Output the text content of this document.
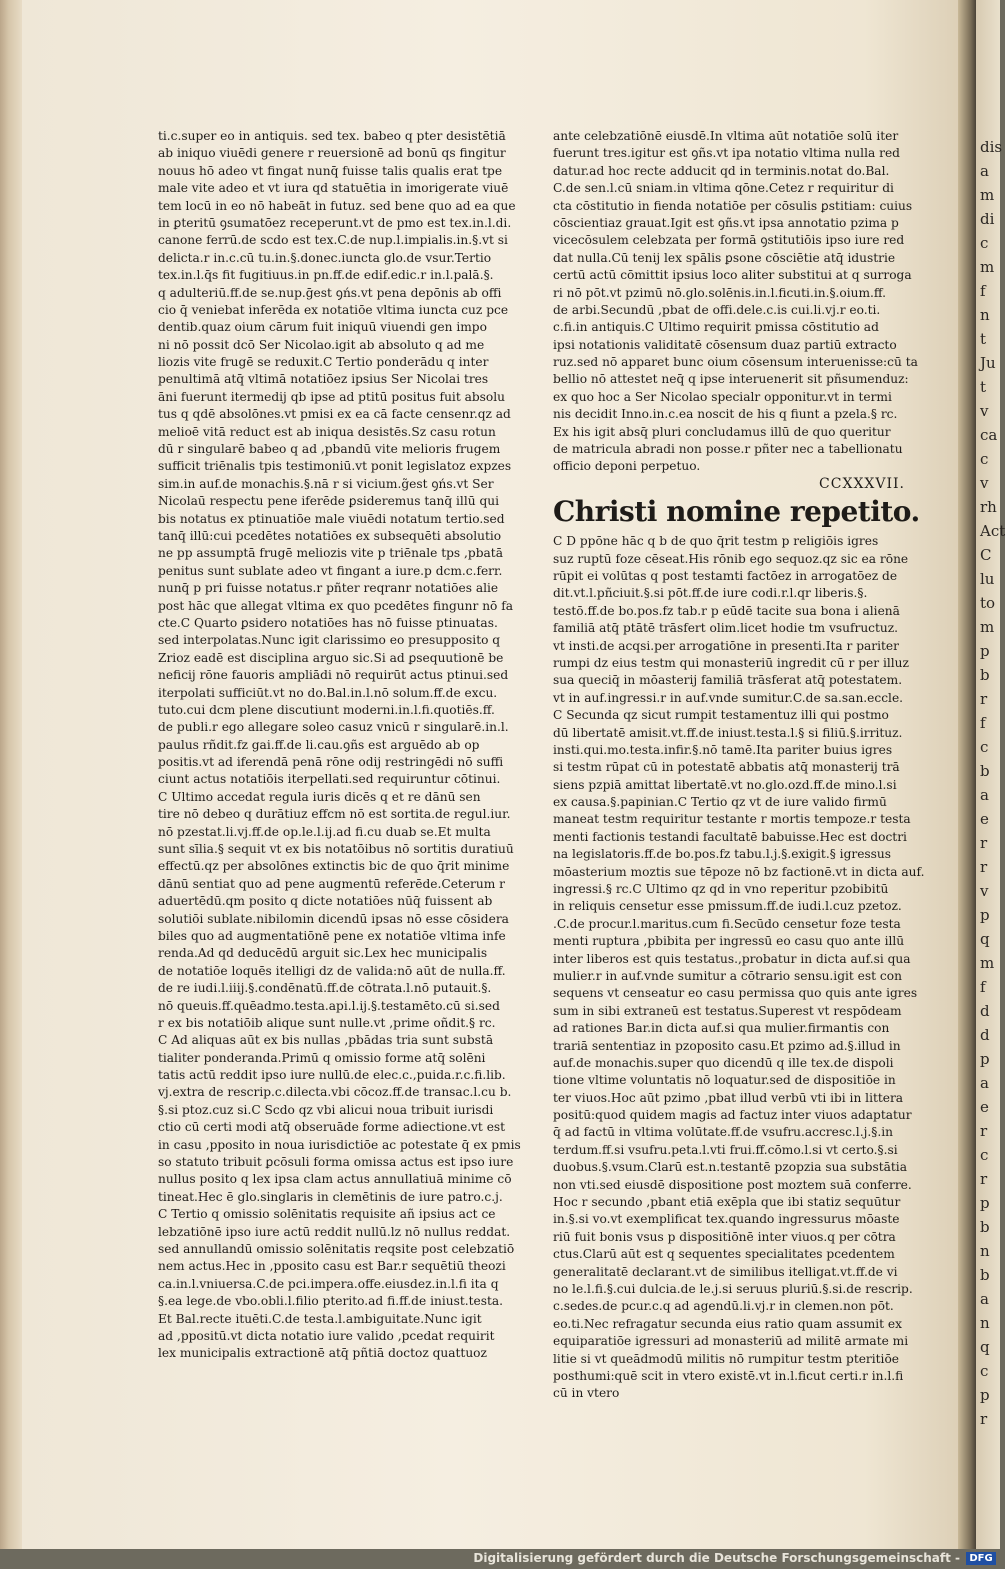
dis
a
m
di
c
m
f
n
t
Ju
t
v
ca
c
v
rh
Act
C
lu
to
m
p
b
r
f
c
b
a
e
r
r
v
p
q
m
f
d
d
p
a
e
r
c
r
p
b
n
b
a
n
q
c
p
r
ti.c.super eo in antiquis. sed tex. babeo q pter desistētiā
ab iniquo viuēdi genere r reuersionē ad bonū qs fingitur
nouus hō adeo vt fingat nunq̄ fuisse talis qualis erat tpe
male vite adeo et vt iura qd statuētia in imorigerate viuē
tem locū in eo nō habeāt in futuz. sed bene quo ad ea que
in ꝑteritū ꝯsumatōez receperunt.vt de pmo est tex.in.l.di.
canone ferrū.de scdo est tex.C.de nup.l.impialis.in.§.vt si
delicta.r in.c.cū tu.in.§.donec.iuncta glo.de vsur.Tertio
tex.in.l.q̄s fit fugitiuus.in pn.ff.de edif.edic.r in.l.palā.§.
q adulteriū.ff.de se.nup.ḡest ꝯńs.vt pena depōnis ab offi
cio q̄ veniebat inferēda ex notatiōe vltima iuncta cuz pce
dentib.quaz oium cārum fuit iniquū viuendi gen impo
ni nō possit dcō Ser Nicolao.igit ab absoluto q ad me
liozis vite frugē se reduxit.C Tertio ponderādu q inter
penultimā atq̄ vltimā notatiōez ipsius Ser Nicolai tres
āni fuerunt itermedij qb ipse ad ptitū positus fuit absolu
tus q qdē absolōnes.vt pmisi ex ea cā facte censenr.qz ad
melioē vitā reduct est ab iniqua desistēs.Sz casu rotun
dū r singularē babeo q ad ,pbandū vite melioris frugem
sufficit triēnalis tpis testimoniū.vt ponit legislatoz expzes
sim.in auf.de monachis.§.nā r si vicium.g̃est ꝯńs.vt Ser
Nicolaū respectu pene iferēde ꝑsideremus tanq̄ illū qui
bis notatus ex ptinuatiōe male viuēdi notatum tertio.sed
tanq̄ illū:cui pcedētes notatiōes ex subsequēti absolutio
ne pp assumptā frugē meliozis vite p triēnale tps ,pbatā
penitus sunt sublate adeo vt fingant a iure.p dcm.c.ferr.
nunq̄ p pri fuisse notatus.r pñter reqranr notatiōes alie
post hāc que allegat vltima ex quo pcedētes fingunr nō fa
cte.C Quarto ꝑsidero notatiōes has nō fuisse ptinuatas.
sed interpolatas.Nunc igit clarissimo eo presupposito q
Zrioz eadē est disciplina arguo sic.Si ad ꝑsequutionē be
neficij rōne fauoris ampliādi nō requirūt actus ptinui.sed
iterpolati sufficiūt.vt no do.Bal.in.l.nō solum.ff.de excu.
tuto.cui dcm plene discutiunt moderni.in.l.fi.quotiēs.ff.
de publi.r ego allegare soleo casuz vnicū r singularē.in.l.
paulus rñdit.fz gai.ff.de li.cau.ꝯñs est arguēdo ab op
positis.vt ad iferendā penā rōne odij restringēdi nō suffi
ciunt actus notatiōis iterpellati.sed requiruntur cōtinui.
C Ultimo accedat regula iuris dicēs q et re dānū sen
tire nō debeo q durātiuz effcm nō est sortita.de regul.iur.
nō pzestat.li.vj.ff.de op.le.l.ij.ad fi.cu duab se.Et multa
sunt sīlia.§ sequit vt ex bis notatōibus nō sortitis duratiuū
effectū.qz per absolōnes extinctis bic de quo q̄rit minime
dānū sentiat quo ad pene augmentū referēde.Ceterum r
aduertēdū.qm posito q dicte notatiōes nūq̄ fuissent ab
solutiōi sublate.nibilomin dicendū ipsas nō esse cōsidera
biles quo ad augmentatiōnē pene ex notatiōe vltima infe
renda.Ad qd deducēdū arguit sic.Lex hec municipalis
de notatiōe loquēs itelligi dz de valida:nō aūt de nulla.ff.
de re iudi.l.iiij.§.condēnatū.ff.de cōtrata.l.nō putauit.§.
nō queuis.ff.quēadmo.testa.api.l.ij.§.testamēto.cū si.sed
r ex bis notatiōib alique sunt nulle.vt ,prime oñdit.§ rc.
C Ad aliquas aūt ex bis nullas ,pbādas tria sunt substā
tialiter ponderanda.Primū q omissio forme atq̄ solēni
tatis actū reddit ipso iure nullū.de elec.c.,puida.r.c.fi.lib.
vj.extra de rescrip.c.dilecta.vbi cōcoz.ff.de transac.l.cu b.
§.si ptoz.cuz si.C Scdo qz vbi alicui noua tribuit iurisdi
ctio cū certi modi atq̄ obseruāde forme adiectione.vt est
in casu ,pposito in noua iurisdictiōe ac potestate q̄ ex pmis
so statuto tribuit ꝑcōsuli forma omissa actus est ipso iure
nullus posito q lex ipsa clam actus annullatiuā minime cō
tineat.Hec ē glo.singlaris in clemētinis de iure patro.c.j.
C Tertio q omissio solēnitatis requisite añ ipsius act ce
lebzatiōnē ipso iure actū reddit nullū.lz nō nullus reddat.
sed annullandū omissio solēnitatis reqsite post celebzatiō
nem actus.Hec in ,pposito casu est Bar.r sequētiū theozi
ca.in.l.vniuersa.C.de pci.impera.offe.eiusdez.in.l.fi ita q
§.ea lege.de vbo.obli.l.filio pterito.ad fi.ff.de iniust.testa.
Et Bal.recte ituēti.C.de testa.l.ambiguitate.Nunc igit
ad ,ppositū.vt dicta notatio iure valido ,pcedat requirit
lex municipalis extractionē atq̄ pñtiā doctoz quattuoz
ante celebzatiōnē eiusdē.In vltima aūt notatiōe solū iter
fuerunt tres.igitur est ꝯñs.vt ipa notatio vltima nulla red
datur.ad hoc recte adducit qd in terminis.notat do.Bal.
C.de sen.l.cū sniam.in vltima qōne.Cetez r requiritur di
cta cōstitutio in fienda notatiōe per cōsulis ꝑstitiam: cuius
cōscientiaz grauat.Igit est ꝯñs.vt ipsa annotatio pzima p
vicecōsulem celebzata per formā ꝯstitutiōis ipso iure red
dat nulla.Cū tenij lex spālis ꝑsone cōsciētie atq̄ idustrie
certū actū cōmittit ipsius loco aliter substitui at q surroga
ri nō pōt.vt pzimū nō.glo.solēnis.in.l.ficuti.in.§.oium.ff.
de arbi.Secundū ,pbat de offi.dele.c.is cui.li.vj.r eo.ti.
c.fi.in antiquis.C Ultimo requirit pmissa cōstitutio ad
ipsi notationis validitatē cōsensum duaz partiū extracto
ruz.sed nō apparet bunc oium cōsensum interuenisse:cū ta
bellio nō attestet neq̄ q ipse interuenerit sit pñsumenduz:
ex quo hoc a Ser Nicolao specialr opponitur.vt in termi
nis decidit Inno.in.c.ea noscit de his q fiunt a pzela.§ rc.
Ex his igit absq̄ pluri concludamus illū de quo queritur
de matricula abradi non posse.r pñter nec a tabellionatu
officio deponi perpetuo.
CCXXXVII.
Christi nomine repetito.
C D ppōne hāc q b de quo q̄rit testm p religiōis igres
suz ruptū foze cēseat.His rōnib ego sequoz.qz sic ea rōne
rūpit ei volūtas q post testamti factōez in arrogatōez de
dit.vt.l.pñciuit.§.si pōt.ff.de iure codi.r.l.qr liberis.§.
testō.ff.de bo.pos.fz tab.r p eūdē tacite sua bona i alienā
familiā atq̄ ptātē trāsfert olim.licet hodie tm vsufructuz.
vt insti.de acqsi.per arrogatiōne in presenti.Ita r pariter
rumpi dz eius testm qui monasteriū ingredit cū r per illuz
sua queciq̄ in mōasterij familiā trāsferat atq̄ potestatem.
vt in auf.ingressi.r in auf.vnde sumitur.C.de sa.san.eccle.
C Secunda qz sicut rumpit testamentuz illi qui postmo
dū libertatē amisit.vt.ff.de iniust.testa.l.§ si filiū.§.irrituz.
insti.qui.mo.testa.infir.§.nō tamē.Ita pariter buius igres
si testm rūpat cū in potestatē abbatis atq̄ monasterij trā
siens pzpiā amittat libertatē.vt no.glo.ozd.ff.de mino.l.si
ex causa.§.papinian.C Tertio qz vt de iure valido firmū
maneat testm requiritur testante r mortis tempoze.r testa
menti factionis testandi facultatē babuisse.Hec est doctri
na legislatoris.ff.de bo.pos.fz tabu.l.j.§.exigit.§ igressus
mōasterium moztis sue tēpoze nō bz factionē.vt in dicta auf.
ingressi.§ rc.C Ultimo qz qd in vno reperitur pzobibitū
in reliquis censetur esse pmissum.ff.de iudi.l.cuz pzetoz.
.C.de procur.l.maritus.cum fi.Secūdo censetur foze testa
menti ruptura ,pbibita per ingressū eo casu quo ante illū
inter liberos est quis testatus.,probatur in dicta auf.si qua
mulier.r in auf.vnde sumitur a cōtrario sensu.igit est con
sequens vt censeatur eo casu permissa quo quis ante igres
sum in sibi extraneū est testatus.Superest vt respōdeam
ad rationes Bar.in dicta auf.si qua mulier.firmantis con
trariā sententiaz in pzoposito casu.Et pzimo ad.§.illud in
auf.de monachis.super quo dicendū q ille tex.de dispoli
tione vltime voluntatis nō loquatur.sed de dispositiōe in
ter viuos.Hoc aūt pzimo ,pbat illud verbū vti ibi in littera
positū:quod quidem magis ad factuz inter viuos adaptatur
q̄ ad factū in vltima volūtate.ff.de vsufru.accresc.l.j.§.in
terdum.ff.si vsufru.peta.l.vti frui.ff.cōmo.l.si vt certo.§.si
duobus.§.vsum.Clarū est.n.testantē pzopzia sua substātia
non vti.sed eiusdē dispositione post moztem suā conferre.
Hoc r secundo ,pbant etiā exēpla que ibi statiz sequūtur
in.§.si vo.vt exemplificat tex.quando ingressurus mōaste
riū fuit bonis vsus p dispositiōnē inter viuos.q per cōtra
ctus.Clarū aūt est q sequentes specialitates pcedentem
generalitatē declarant.vt de similibus itelligat.vt.ff.de vi
no le.l.fi.§.cui dulcia.de le.j.si seruus pluriū.§.si.de rescrip.
c.sedes.de pcur.c.q ad agendū.li.vj.r in clemen.non pōt.
eo.ti.Nec refragatur secunda eius ratio quam assumit ex
equiparatiōe igressuri ad monasteriū ad militē armate mi
litie si vt queādmodū militis nō rumpitur testm pteritiōe
posthumi:quē scit in vtero existē.vt in.l.ficut certi.r in.l.fi
cū in vtero
Digitalisierung gefördert durch die Deutsche Forschungsgemeinschaft - DFG
